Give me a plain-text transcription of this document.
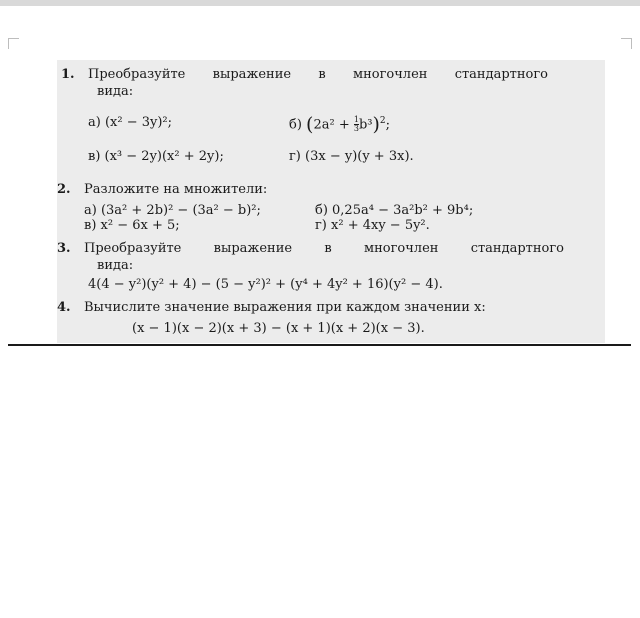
1. Преобразуйте выражение в многочлен стандартного
вида:
а) (x² − 3y)²;	б) $(2a^2 + \frac{1}{3} b^3)^2$;
в) (x³ − 2y)(x² + 2y);	г) (3x − y)(y + 3x).
2. Разложите на множители:
а) (3a² + 2b)² − (3a² − b)²;	б) 0,25a⁴ − 3a²b² + 9b⁴;
в) x² − 6x + 5;	г) x² + 4xy − 5y².
3. Преобразуйте выражение в многочлен стандартного
вида:
4(4 − y²)(y² + 4) − (5 − y²)² + (y⁴ + 4y² + 16)(y² − 4).
4. Вычислите значение выражения при каждом значении x:
(x − 1)(x − 2)(x + 3) − (x + 1)(x + 2)(x − 3).
